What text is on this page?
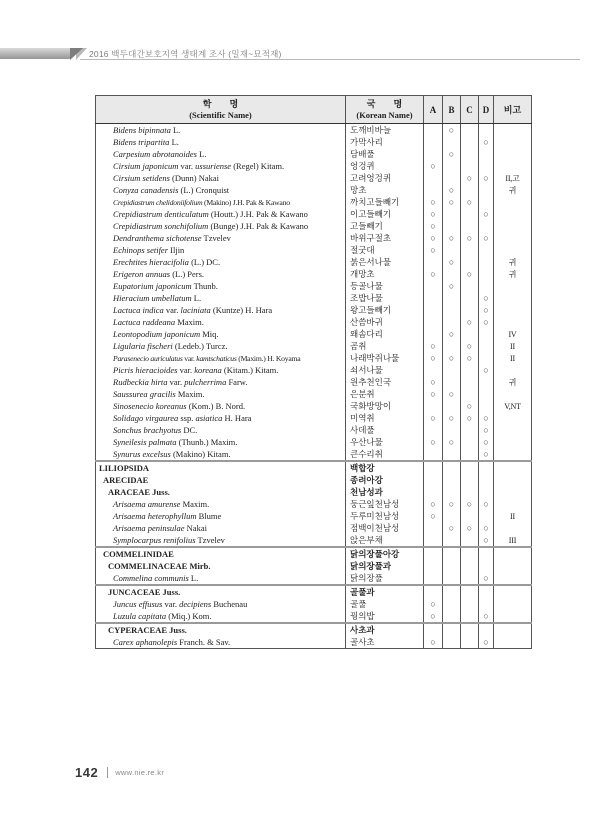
2016 백두대간보호지역 생태계 조사 (밀재~묘적재)
학　　명
(Scientific Name)

국　　명
(Korean Name)
	A	B	C	D	비고
Bidens bipinnata L.	도깨비바늘		○			
Bidens tripartita L.	가막사리				○	
Carpesium abrotanoides L.	담배풀		○			
Cirsium japonicum var. ussuriense (Regel) Kitam.	엉겅퀴	○				
Cirsium setidens (Dunn) Nakai	고려엉겅퀴			○	○	II,고
Conyza canadensis (L.) Cronquist	망초		○			귀
Crepidiastrum chelidoniifolium (Makino) J.H. Pak & Kawano	까치고들빼기	○	○	○		
Crepidiastrum denticulatum (Houtt.) J.H. Pak & Kawano	이고들빼기	○			○	
Crepidiastrum sonchifolium (Bunge) J.H. Pak & Kawano	고들빼기	○				
Dendranthema sichotense Tzvelev	바위구절초	○	○	○	○	
Echinops setifer Iljin	절굿대	○				
Erechtites hieracifolia (L.) DC.	붉은서나물		○			귀
Erigeron annuas (L.) Pers.	개망초	○		○		귀
Eupatorium japonicum Thunb.	등골나물		○			
Hieracium umbellatum L.	조밥나물				○	
Lactuca indica var. laciniata (Kuntze) H. Hara	왕고들빼기				○	
Lactuca raddeana Maxim.	산씀바귀			○	○	
Leontopodium japonicum Miq.	왜솜다리		○			IV
Ligularia fischeri (Ledeb.) Turcz.	곰취	○		○		II
Parasenecio auriculatus var. kamtschaticus (Maxim.) H. Koyama	나래박쥐나물	○	○	○		II
Picris hieracioides var. koreana (Kitam.) Kitam.	쇠서나물				○	
Rudbeckia hirta var. pulcherrima Farw.	원추천인국	○				귀
Saussurea gracilis Maxim.	은분취	○	○			
Sinosenecio koreanus (Kom.) B. Nord.	국화방망이			○		V,NT
Solidago virgaurea ssp. asiatica H. Hara	미역취	○	○	○	○	
Sonchus brachyotus DC.	사데풀				○	
Syneilesis palmata (Thunb.) Maxim.	우산나물	○	○		○	
Synurus excelsus (Makino) Kitam.	큰수리취				○	
LILIOPSIDA	백합강					
ARECIDAE	종려아강					
ARACEAE Juss.	천남성과					
Arisaema amurense Maxim.	둥근잎천남성	○	○	○	○	
Arisaema heterophyllum Blume	두루미천남성	○				II
Arisaema peninsulae Nakai	점백이천남성		○	○	○	
Symplocarpus renifolius Tzvelev	앉은부채				○	III
COMMELINIDAE	닭의장풀아강					
COMMELINACEAE Mirb.	닭의장풀과					
Commelina communis L.	닭의장풀				○	
JUNCACEAE Juss.	골풀과					
Juncus effusus var. decipiens Buchenau	골풀	○				
Luzula capitata (Miq.) Kom.	꿩의밥	○			○	
CYPERACEAE Juss.	사초과					
Carex aphanolepis Franch. & Sav.	골사초	○			○	
142 www.nie.re.kr
